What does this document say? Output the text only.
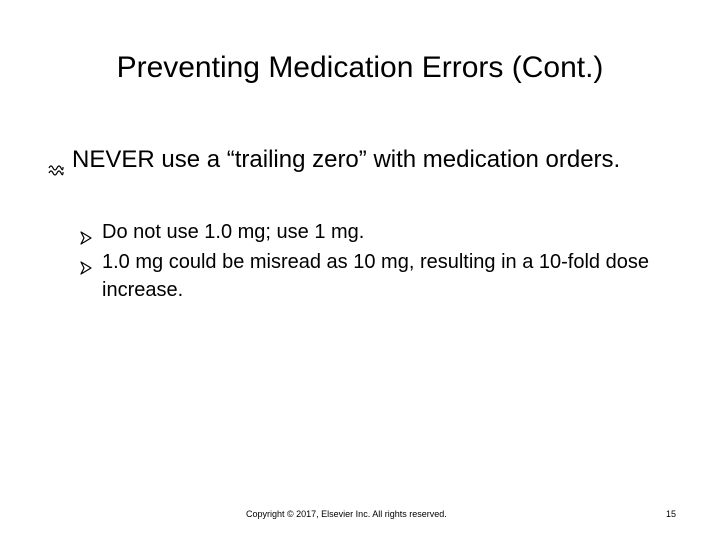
Preventing Medication Errors (Cont.)
NEVER use a “trailing zero” with medication orders.
Do not use 1.0 mg; use 1 mg.
1.0 mg could be misread as 10 mg, resulting in a 10-fold dose increase.
Copyright © 2017, Elsevier Inc. All rights reserved.	15
